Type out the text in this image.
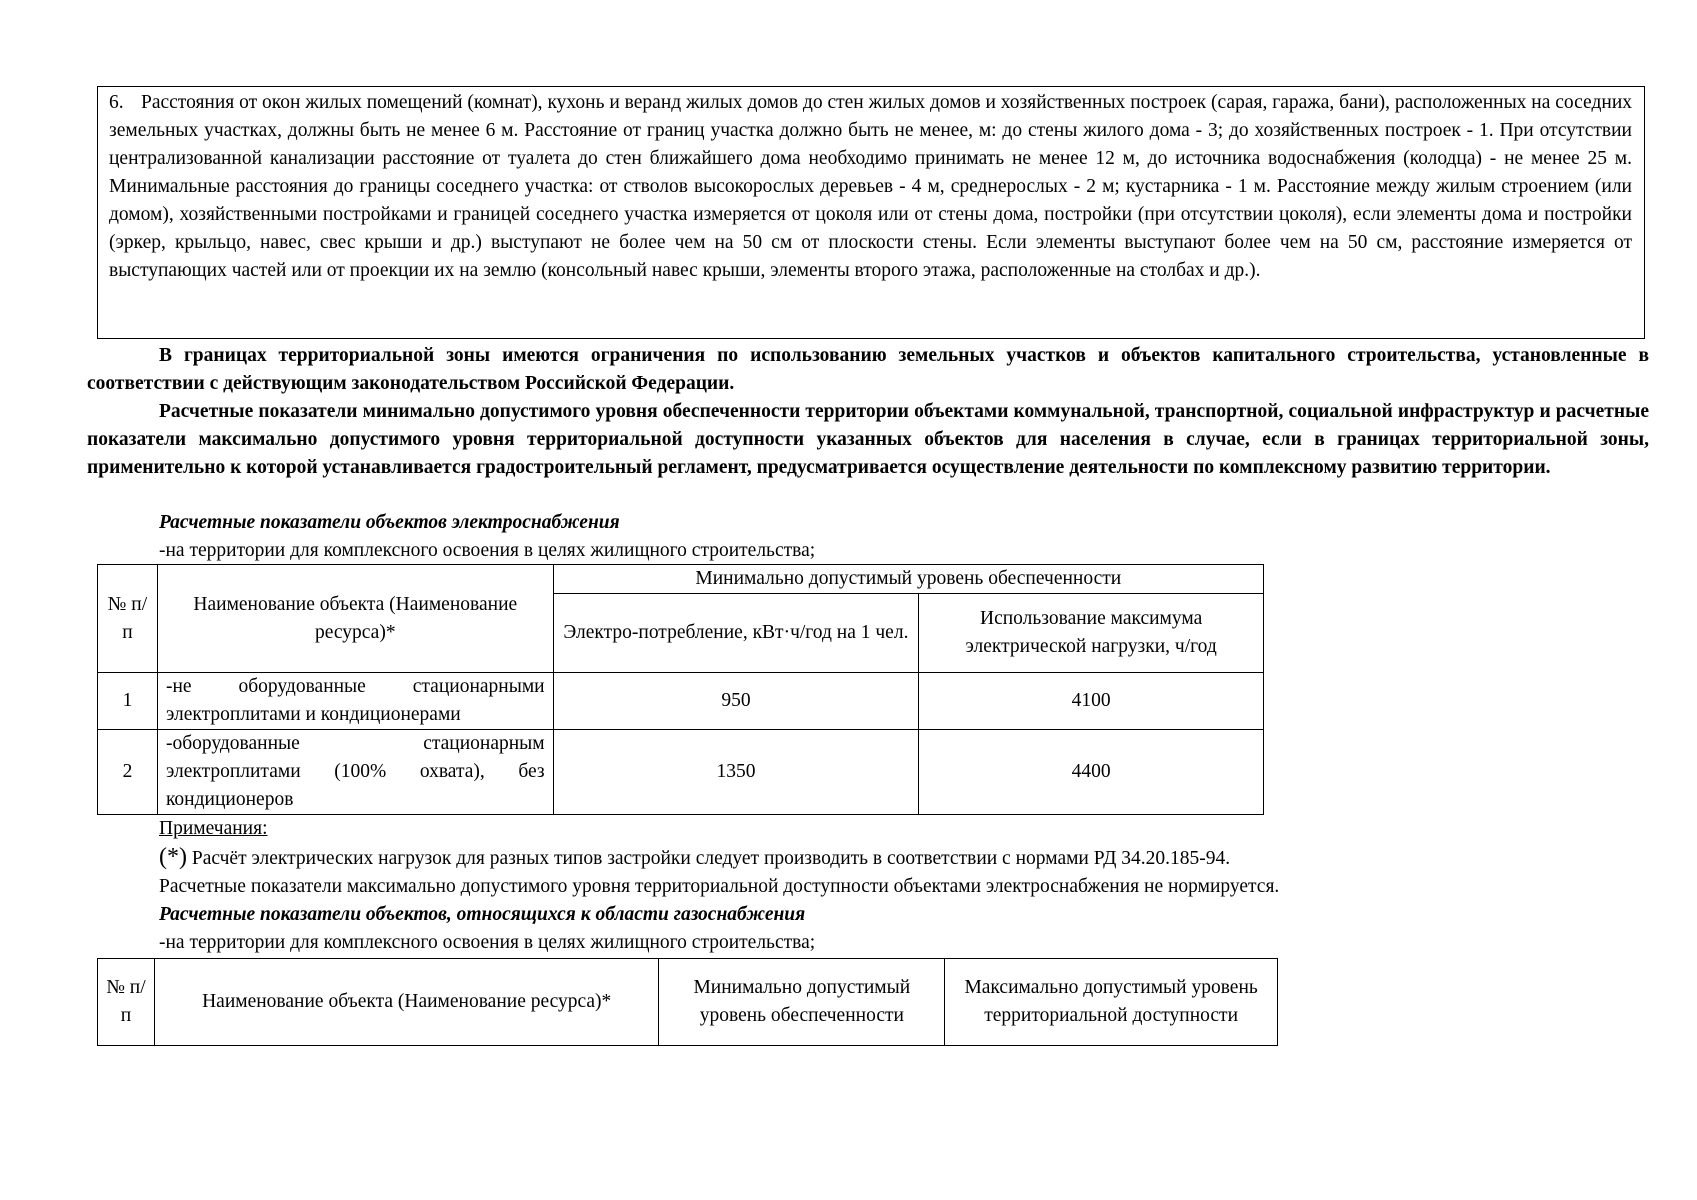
6. Расстояния от окон жилых помещений (комнат), кухонь и веранд жилых домов до стен жилых домов и хозяйственных построек (сарая, гаража, бани), расположенных на соседних земельных участках, должны быть не менее 6 м. Расстояние от границ участка должно быть не менее, м: до стены жилого дома - 3; до хозяйственных построек - 1. При отсутствии централизованной канализации расстояние от туалета до стен ближайшего дома необходимо принимать не менее 12 м, до источника водоснабжения (колодца) - не менее 25 м. Минимальные расстояния до границы соседнего участка: от стволов высокорослых деревьев - 4 м, среднерослых - 2 м; кустарника - 1 м. Расстояние между жилым строением (или домом), хозяйственными постройками и границей соседнего участка измеряется от цоколя или от стены дома, постройки (при отсутствии цоколя), если элементы дома и постройки (эркер, крыльцо, навес, свес крыши и др.) выступают не более чем на 50 см от плоскости стены. Если элементы выступают более чем на 50 см, расстояние измеряется от выступающих частей или от проекции их на землю (консольный навес крыши, элементы второго этажа, расположенные на столбах и др.).
В границах территориальной зоны имеются ограничения по использованию земельных участков и объектов капитального строительства, установленные в соответствии с действующим законодательством Российской Федерации.
Расчетные показатели минимально допустимого уровня обеспеченности территории объектами коммунальной, транспортной, социальной инфраструктур и расчетные показатели максимально допустимого уровня территориальной доступности указанных объектов для населения в случае, если в границах территориальной зоны, применительно к которой устанавливается градостроительный регламент, предусматривается осуществление деятельности по комплексному развитию территории.
Расчетные показатели объектов электроснабжения
-на территории для комплексного освоения в целях жилищного строительства;
№ п/п	Наименование объекта (Наименование ресурса)*	Минимально допустимый уровень обеспеченности	
		Электро-потребление, кВт·ч/год на 1 чел.	Использование максимума электрической нагрузки, ч/год
1	-не оборудованные стационарными электроплитами и кондиционерами	950	4100
2	-оборудованные стационарным электроплитами (100% охвата), без кондиционеров	1350	4400
Примечания:
(*) Расчёт электрических нагрузок для разных типов застройки следует производить в соответствии с нормами РД 34.20.185-94.
Расчетные показатели максимально допустимого уровня территориальной доступности объектами электроснабжения не нормируется.
Расчетные показатели объектов, относящихся к области газоснабжения
-на территории для комплексного освоения в целях жилищного строительства;
№ п/п	Наименование объекта (Наименование ресурса)*	Минимально допустимый уровень обеспеченности	Максимально допустимый уровень территориальной доступности
